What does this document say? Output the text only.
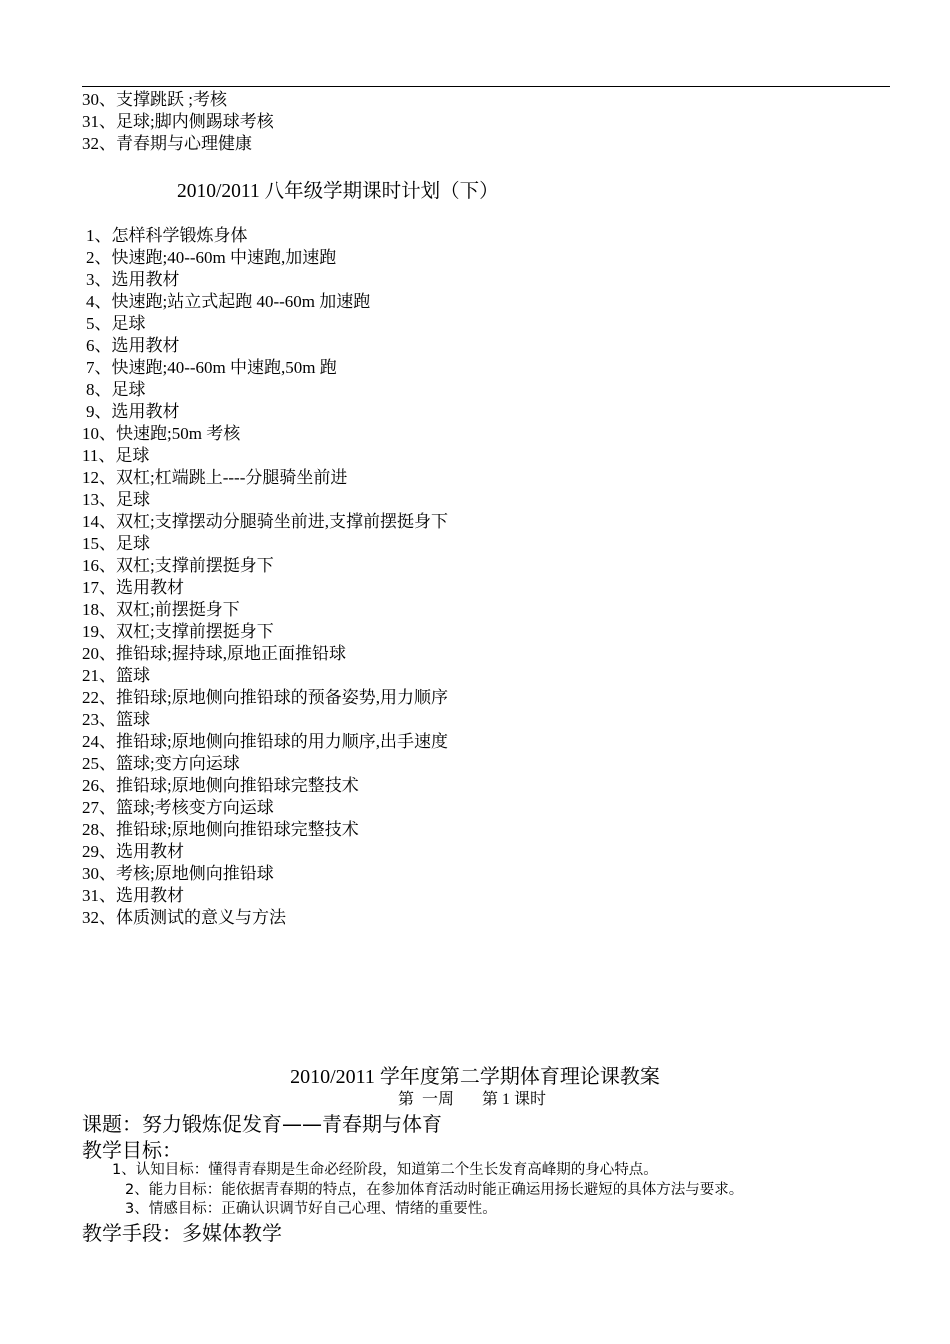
30、支撑跳跃 ;考核
31、足球;脚内侧踢球考核
32、青春期与心理健康
2010/2011 八年级学期课时计划（下）
1、怎样科学锻炼身体
2、快速跑;40--60m 中速跑,加速跑
3、选用教材
4、快速跑;站立式起跑 40--60m 加速跑
5、足球
6、选用教材
7、快速跑;40--60m 中速跑,50m 跑
8、足球
9、选用教材
10、快速跑;50m 考核
11、足球
12、双杠;杠端跳上----分腿骑坐前进
13、足球
14、双杠;支撑摆动分腿骑坐前进,支撑前摆挺身下
15、足球
16、双杠;支撑前摆挺身下
17、选用教材
18、双杠;前摆挺身下
19、双杠;支撑前摆挺身下
20、推铅球;握持球,原地正面推铅球
21、篮球
22、推铅球;原地侧向推铅球的预备姿势,用力顺序
23、篮球
24、推铅球;原地侧向推铅球的用力顺序,出手速度
25、篮球;变方向运球
26、推铅球;原地侧向推铅球完整技术
27、篮球;考核变方向运球
28、推铅球;原地侧向推铅球完整技术
29、选用教材
30、考核;原地侧向推铅球
31、选用教材
32、体质测试的意义与方法
2010/2011 学年度第二学期体育理论课教案
第  一周       第 1 课时
课题：努力锻炼促发育——青春期与体育
教学目标：
1、认知目标：懂得青春期是生命必经阶段，知道第二个生长发育高峰期的身心特点。
2、能力目标：能依据青春期的特点，在参加体育活动时能正确运用扬长避短的具体方法与要求。
3、情感目标：正确认识调节好自己心理、情绪的重要性。
教学手段：多媒体教学
